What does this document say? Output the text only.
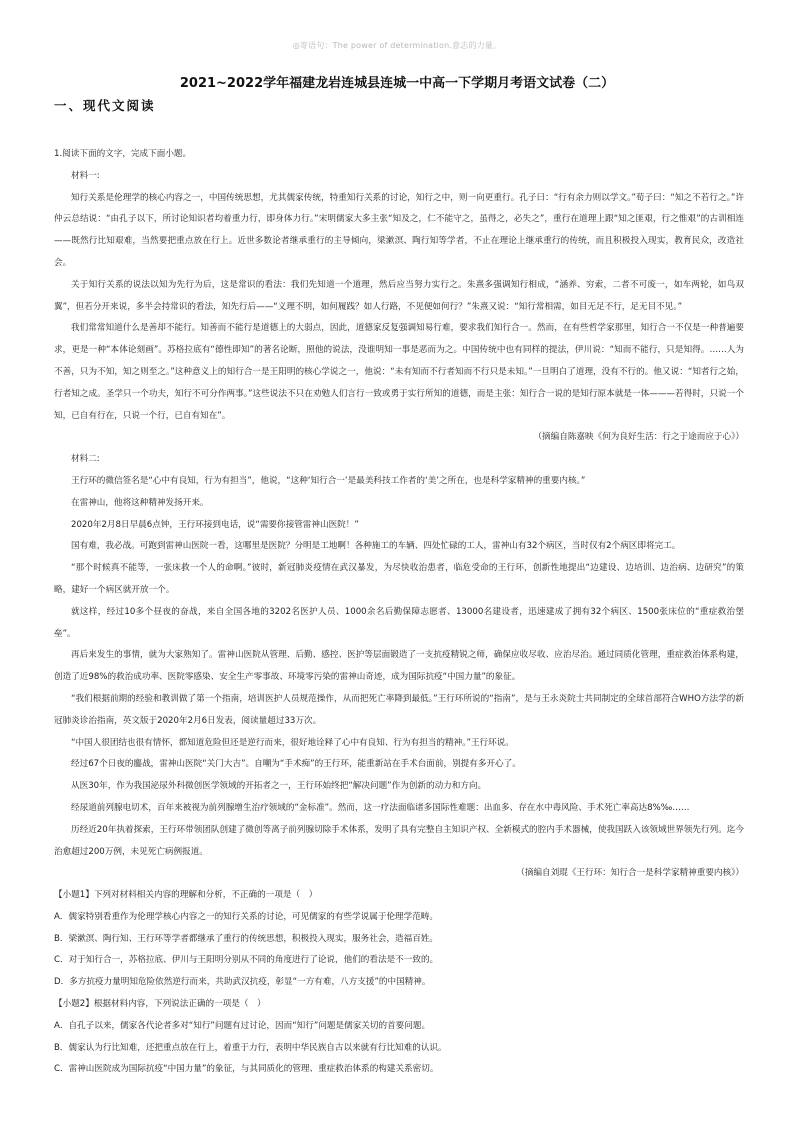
◎寄语句：The power of determination.意志的力量。
2021~2022学年福建龙岩连城县连城一中高一下学期月考语文试卷（二）
一、现代文阅读

1.阅读下面的文字，完成下面小题。

材料一:

知行关系是伦理学的核心内容之一，中国传统思想，尤其儒家传统，特重知行关系的讨论，知行之中，则一向更重行。孔子曰：“行有余力则以学文。”荀子曰：“知之不若行之。”许仲云总结说：“由孔子以下，所讨论知识者均着重力行，即身体力行。”宋明儒家大多主张“知及之，仁不能守之，虽得之，必失之”，重行在道理上跟“知之匪艰，行之惟艰”的古训相连——既然行比知艰难，当然要把重点放在行上。近世多数论者继承重行的主导倾向，梁漱溟、陶行知等学者，不止在理论上继承重行的传统，而且积极投入现实，教育民众，改造社会。

关于知行关系的说法以知为先行为后，这是常识的看法：我们先知道一个道理，然后应当努力实行之。朱熹多强调知行相成，“涵养、穷索，二者不可废一，如车两轮，如鸟双翼”，但若分开来说，多半会持常识的看法，知先行后——“义理不明，如何履践？如人行路，不见便如何行？”朱熹又说：“知行常相需，如目无足不行，足无目不见。”

我们常常知道什么是善却不能行。知善而不能行是道德上的大弱点，因此，道德家反复强调知易行难，要求我们知行合一。然而，在有些哲学家那里，知行合一不仅是一种普遍要求，更是一种“本体论刻画”。苏格拉底有“德性即知”的著名论断，照他的说法，没谁明知一事是恶而为之。中国传统中也有同样的提法，伊川说：“知而不能行，只是知得。……人为不善，只为不知，知之则至之。”这种意义上的知行合一是王阳明的核心学说之一，他说：“未有知而不行者知而不行只是未知。”一旦明白了道理，没有不行的。他又说：“知者行之始，行者知之成。圣学只一个功夫，知行不可分作两事。”这些说法不只在劝勉人们言行一致或勇于实行所知的道德，而是主张：知行合一说的是知行原本就是一体———若得时，只说一个知，已自有行在，只说一个行，已自有知在”。

（摘编自陈嘉映《何为良好生活：行之于途而应于心》）

材料二:

王行环的微信签名是“心中有良知，行为有担当”，他说，“这种‘知行合一’是最美科技工作者的‘美’之所在，也是科学家精神的重要内核。”

在雷神山，他将这种精神发扬开来。

2020年2月8日早晨6点钟，王行环接到电话，说“需要你接管雷神山医院！”

国有难，我必战。可跑到雷神山医院一看，这哪里是医院？分明是工地啊！各种施工的车辆、四处忙碌的工人，雷神山有32个病区，当时仅有2个病区即将完工。

“那个时候真不能等，一张床救一个人的命啊。”彼时，新冠肺炎疫情在武汉暴发，为尽快收治患者，临危受命的王行环，创新性地提出“边建设、边培训、边治病、边研究”的策略，建好一个病区就开放一个。

就这样，经过10多个昼夜的奋战，来自全国各地的3202名医护人员、1000余名后勤保障志愿者、13000名建设者，迅速建成了拥有32个病区、1500张床位的“重症救治堡垒”。

再后来发生的事情，就为大家熟知了。雷神山医院从管理、后勤、感控、医护等层面锻造了一支抗疫精锐之师，确保应收尽收、应治尽治。通过同质化管理，重症救治体系构建，创造了近98%的救治成功率、医院零感染、安全生产零事故、环境零污染的雷神山奇迹，成为国际抗疫“中国力量”的象征。

“我们根据前期的经验和教训做了第一个指南，培训医护人员规范操作，从而把死亡率降到最低。”王行环所说的“指南”，是与王永炎院士共同制定的全球首部符合WHO方法学的新冠肺炎诊治指南，英文版于2020年2月6日发表，阅读量超过33万次。

“中国人很团结也很有情怀，都知道危险但还是逆行而来，很好地诠释了心中有良知、行为有担当的精神。”王行环说。

经过67个日夜的鏖战，雷神山医院“关门大吉”。自嘲为“手术痴”的王行环，能重新站在手术台面前，别提有多开心了。

从医30年，作为我国泌尿外科微创医学领域的开拓者之一，王行环始终把“解决问题”作为创新的动力和方向。

经尿道前列腺电切术，百年来被视为前列腺增生治疗领域的“金标准”。然而，这一疗法面临诸多国际性难题：出血多、存在水中毒风险、手术死亡率高达8%‰……

历经近20年执着探索，王行环带领团队创建了微创等离子前列腺切除手术体系，发明了具有完整自主知识产权、全新模式的腔内手术器械，使我国跃入该领域世界领先行列。迄今治愈超过200万例，未见死亡病例报道。

（摘编自刘琨《王行环：知行合一是科学家精神重要内核》）

【小题1】下列对材料相关内容的理解和分析，不正确的一项是（　）

A．儒家特别看重作为伦理学核心内容之一的知行关系的讨论，可见儒家的有些学说属于伦理学范畴。

B．梁漱溟、陶行知、王行环等学者都继承了重行的传统思想，积极投入现实，服务社会，造福百姓。

C．对于知行合一，苏格拉底、伊川与王阳明分别从不同的角度进行了论说，他们的看法是不一致的。

D．多方抗疫力量明知危险依然逆行而来，共助武汉抗疫，彰显“一方有难，八方支援”的中国精神。

【小题2】根据材料内容，下列说法正确的一项是（　）

A．自孔子以来，儒家各代论者多对“知行”问题有过讨论，因而“知行”问题是儒家关切的首要问题。

B．儒家认为行比知难，还把重点放在行上，着重于力行，表明中华民族自古以来就有行比知难的认识。

C．雷神山医院成为国际抗疫“中国力量”的象征，与其同质化的管理、重症救治体系的构建关系密切。
